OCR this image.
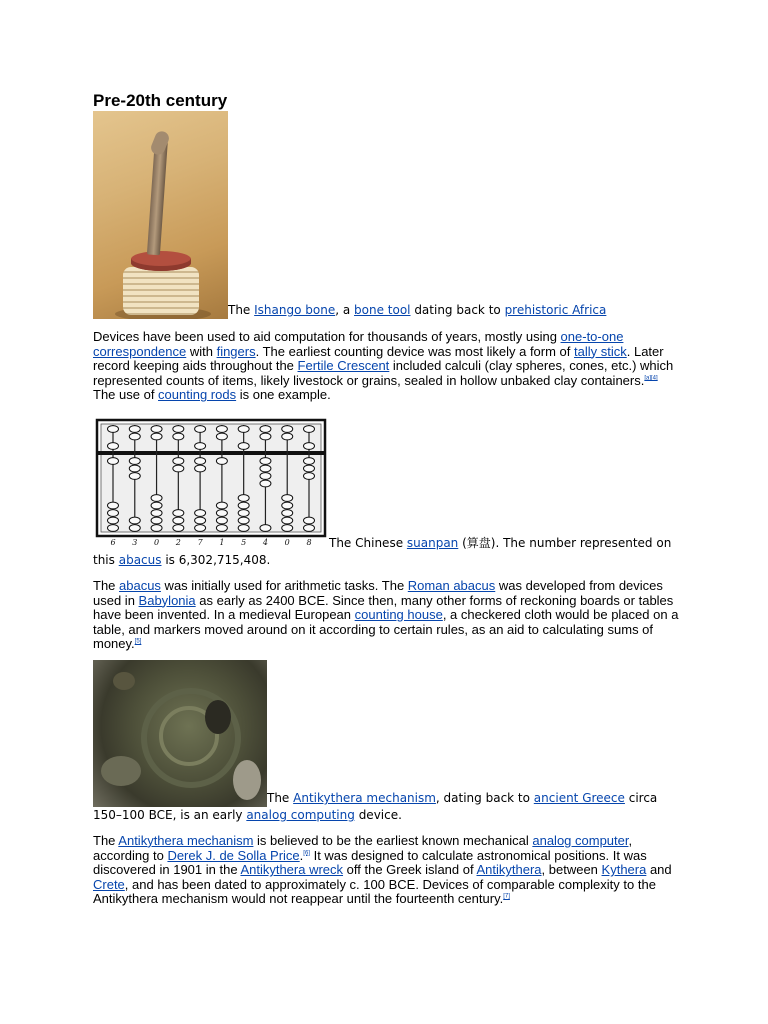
Pre-20th century
The Ishango bone, a bone tool dating back to prehistoric Africa

Devices have been used to aid computation for thousands of years, mostly using one-to-one correspondence with fingers. The earliest counting device was most likely a form of tally stick. Later record keeping aids throughout the Fertile Crescent included calculi (clay spheres, cones, etc.) which represented counts of items, likely livestock or grains, sealed in hollow unbaked clay containers.[a][4] The use of counting rods is one example.

6 3 0 2 7 1 5 4 0 8 The Chinese suanpan (算盘). The number represented on this abacus is 6,302,715,408.

The abacus was initially used for arithmetic tasks. The Roman abacus was developed from devices used in Babylonia as early as 2400 BCE. Since then, many other forms of reckoning boards or tables have been invented. In a medieval European counting house, a checkered cloth would be placed on a table, and markers moved around on it according to certain rules, as an aid to calculating sums of money.[5]

The Antikythera mechanism, dating back to ancient Greece circa 150–100 BCE, is an early analog computing device.

The Antikythera mechanism is believed to be the earliest known mechanical analog computer, according to Derek J. de Solla Price.[6] It was designed to calculate astronomical positions. It was discovered in 1901 in the Antikythera wreck off the Greek island of Antikythera, between Kythera and Crete, and has been dated to approximately c. 100 BCE. Devices of comparable complexity to the Antikythera mechanism would not reappear until the fourteenth century.[7]
